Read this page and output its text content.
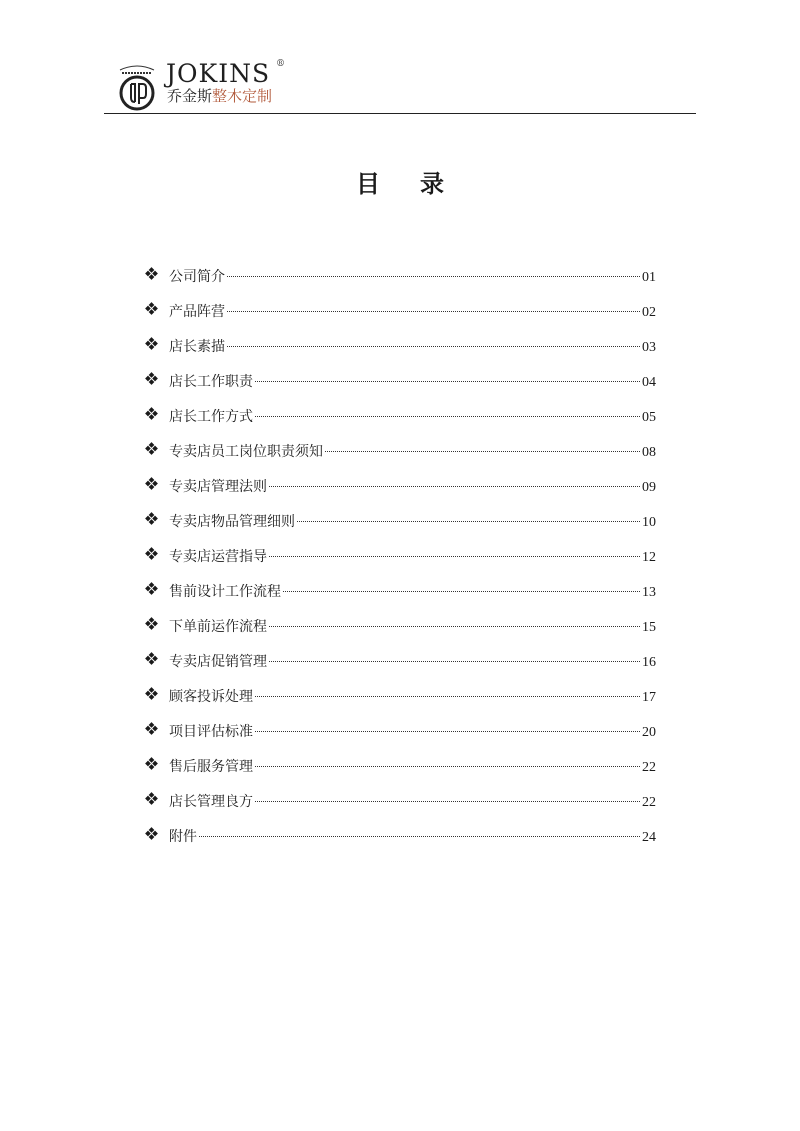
JOKINS ®
乔金斯整木定制
目录
公司简介	01
产品阵营	02
店长素描	03
店长工作职责	04
店长工作方式	05
专卖店员工岗位职责须知	08
专卖店管理法则	09
专卖店物品管理细则	10
专卖店运营指导	12
售前设计工作流程	13
下单前运作流程	15
专卖店促销管理	16
顾客投诉处理	17
项目评估标准	20
售后服务管理	22
店长管理良方	22
附件	24
